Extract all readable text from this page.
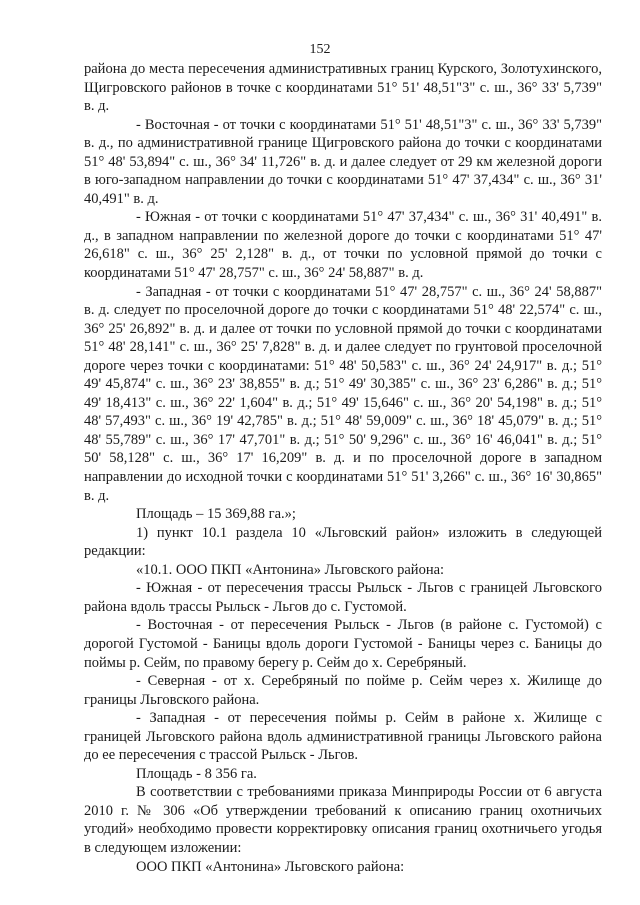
152

района до места пересечения административных границ Курского, Золотухинского, Щигровского районов в точке с координатами 51° 51' 48,51"3" с. ш., 36° 33' 5,739" в. д.

- Восточная - от точки с координатами 51° 51' 48,51"3" с. ш., 36° 33' 5,739" в. д., по административной границе Щигровского района до точки с координатами 51° 48' 53,894" с. ш., 36° 34' 11,726" в. д. и далее следует от 29 км железной дороги в юго-западном направлении до точки с координатами 51° 47' 37,434" с. ш., 36° 31' 40,491" в. д.

- Южная - от точки с координатами 51° 47' 37,434" с. ш., 36° 31' 40,491" в. д., в западном направлении по железной дороге до точки с координатами 51° 47' 26,618" с. ш., 36° 25' 2,128" в. д., от точки по условной прямой до точки с координатами 51° 47' 28,757" с. ш., 36° 24' 58,887" в. д.

- Западная - от точки с координатами 51° 47' 28,757" с. ш., 36° 24' 58,887" в. д. следует по проселочной дороге до точки с координатами 51° 48' 22,574" с. ш., 36° 25' 26,892" в. д. и далее от точки по условной прямой до точки с координатами 51° 48' 28,141" с. ш., 36° 25' 7,828" в. д. и далее следует по грунтовой проселочной дороге через точки с координатами: 51° 48' 50,583" с. ш., 36° 24' 24,917" в. д.; 51° 49' 45,874" с. ш., 36° 23' 38,855" в. д.; 51° 49' 30,385" с. ш., 36° 23' 6,286" в. д.; 51° 49' 18,413" с. ш., 36° 22' 1,604" в. д.; 51° 49' 15,646" с. ш., 36° 20' 54,198" в. д.; 51° 48' 57,493" с. ш., 36° 19' 42,785" в. д.; 51° 48' 59,009" с. ш., 36° 18' 45,079" в. д.; 51° 48' 55,789" с. ш., 36° 17' 47,701" в. д.; 51° 50' 9,296" с. ш., 36° 16' 46,041" в. д.; 51° 50' 58,128" с. ш., 36° 17' 16,209" в. д. и по проселочной дороге в западном направлении до исходной точки с координатами 51° 51' 3,266" с. ш., 36° 16' 30,865" в. д.

Площадь – 15 369,88 га.»;

1) пункт 10.1 раздела 10 «Льговский район» изложить в следующей редакции:

«10.1. ООО ПКП «Антонина» Льговского района:

- Южная - от пересечения трассы Рыльск - Льгов с границей Льговского района вдоль трассы Рыльск - Льгов до с. Густомой.

- Восточная - от пересечения Рыльск - Льгов (в районе с. Густомой) с дорогой Густомой - Баницы вдоль дороги Густомой - Баницы через с. Баницы до поймы р. Сейм, по правому берегу р. Сейм до х. Серебряный.

- Северная - от х. Серебряный по пойме р. Сейм через х. Жилище до границы Льговского района.

- Западная - от пересечения поймы р. Сейм в районе х. Жилище с границей Льговского района вдоль административной границы Льговского района до ее пересечения с трассой Рыльск - Льгов.

Площадь - 8 356 га.

В соответствии с требованиями приказа Минприроды России от 6 августа 2010 г. № 306 «Об утверждении требований к описанию границ охотничьих угодий» необходимо провести корректировку описания границ охотничьего угодья в следующем изложении:

ООО ПКП «Антонина» Льговского района:
